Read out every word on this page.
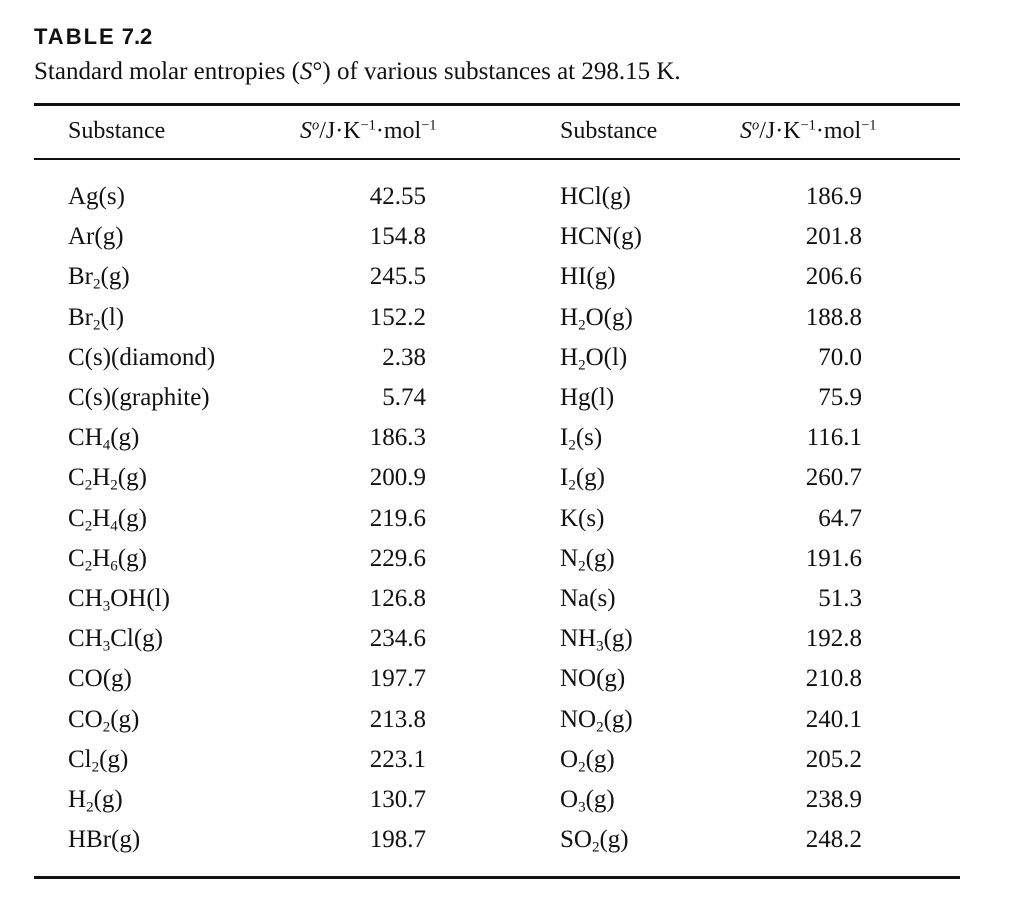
TABLE 7.2
Standard molar entropies (S°) of various substances at 298.15 K.
Substance	$S^o/J\cdot K^{-1}\cdot mol^{-1}$	Substance	$S^o/J\cdot K^{-1}\cdot mol^{-1}$
Ag(s)	42.55	HCl(g)	186.9
Ar(g)	154.8	HCN(g)	201.8
$Br_2(g)$	245.5	HI(g)	206.6
$Br_2(l)$	152.2	$H_2O(g)$	188.8
C(s)(diamond)	2.38	$H_2O(l)$	70.0
C(s)(graphite)	5.74	Hg(l)	75.9
$CH_4(g)$	186.3	$I_2(s)$	116.1
$C_2H_2(g)$	200.9	$I_2(g)$	260.7
$C_2H_4(g)$	219.6	K(s)	64.7
$C_2H_6(g)$	229.6	$N_2(g)$	191.6
$CH_3OH(l)$	126.8	Na(s)	51.3
$CH_3Cl(g)$	234.6	$NH_3(g)$	192.8
CO(g)	197.7	NO(g)	210.8
$CO_2(g)$	213.8	$NO_2(g)$	240.1
$Cl_2(g)$	223.1	$O_2(g)$	205.2
$H_2(g)$	130.7	$O_3(g)$	238.9
HBr(g)	198.7	$SO_2(g)$	248.2
